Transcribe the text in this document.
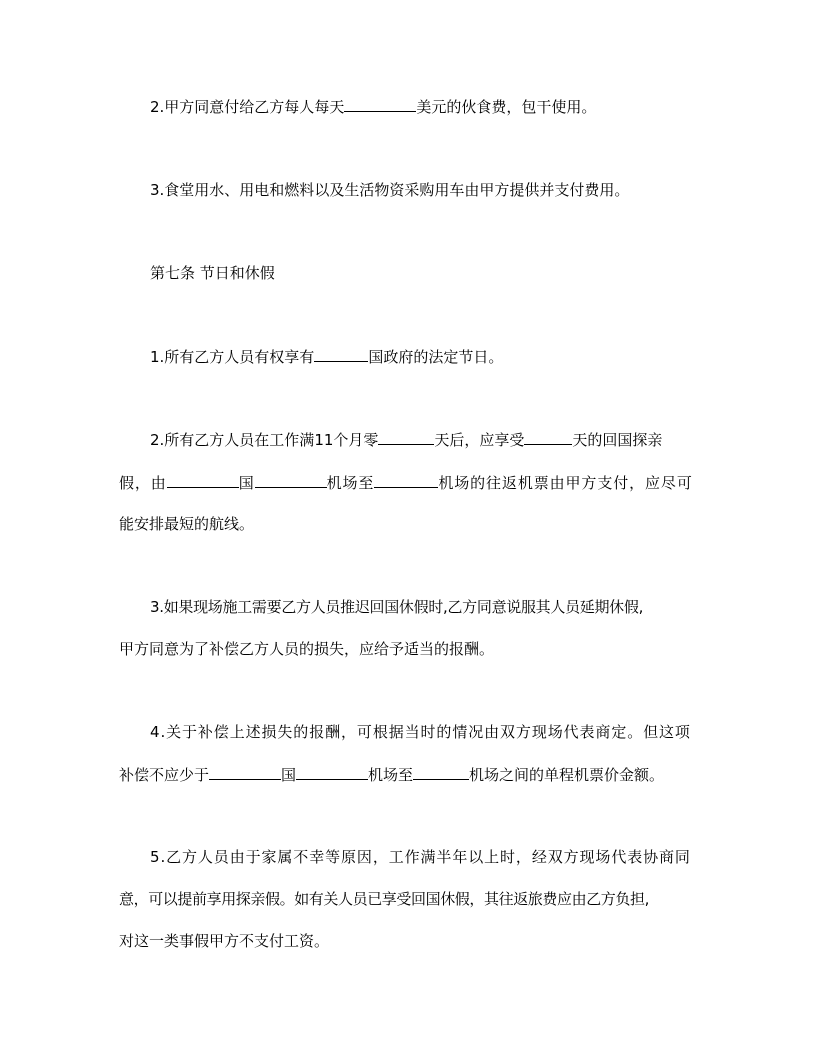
2.甲方同意付给乙方每人每天	美元的伙食费，包干使用。
3.食堂用水、用电和燃料以及生活物资采购用车由甲方提供并支付费用。
第七条 节日和休假
1.所有乙方人员有权享有	国政府的法定节日。
2.所有乙方人员在工作满11个月零	天后，应享受	天的回国探亲
假，由	国	机场至	机场的往返机票由甲方支付，应尽可
能安排最短的航线。
3.如果现场施工需要乙方人员推迟回国休假时,乙方同意说服其人员延期休假,
甲方同意为了补偿乙方人员的损失，应给予适当的报酬。
4.关于补偿上述损失的报酬，可根据当时的情况由双方现场代表商定。但这项
补偿不应少于	国	机场至	机场之间的单程机票价金额。
5.乙方人员由于家属不幸等原因，工作满半年以上时，经双方现场代表协商同
意，可以提前享用探亲假。如有关人员已享受回国休假，其往返旅费应由乙方负担,
对这一类事假甲方不支付工资。
